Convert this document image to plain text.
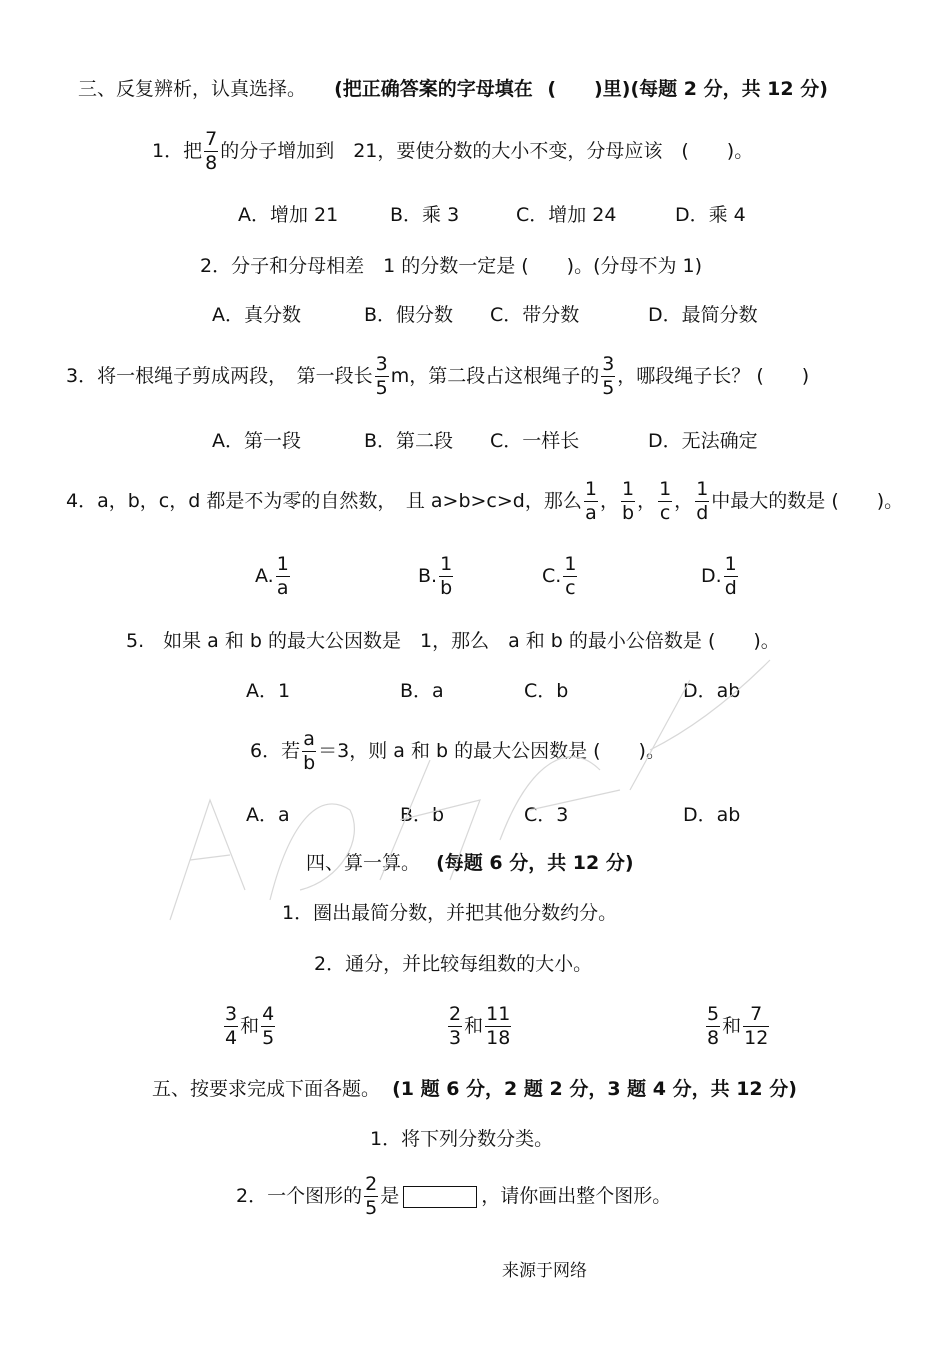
三、反复辨析，认真选择。 (把正确答案的字母填在 (　　)里)(每题 2 分，共 12 分)
1．把 $\frac{7}{8}$ 的分子增加到　21，要使分数的大小不变，分母应该　(　　)。
A．增加 21	B．乘 3	C．增加 24	D．乘 4
2．分子和分母相差　1 的分数一定是 (　　)。(分母不为 1)
A．真分数	B．假分数 C．带分数	D．最简分数
3．将一根绳子剪成两段，　第一段长 $\frac{3}{5}$ m，第二段占这根绳子的 $\frac{3}{5}$ ，哪段绳子长？ (　　)
A．第一段	B．第二段 C．一样长	D．无法确定
4．a，b，c，d 都是不为零的自然数，　且 a>b>c>d，那么 $\frac{1}{a}$ ， $\frac{1}{b}$ ， $\frac{1}{c}$ ， $\frac{1}{d}$ 中最大的数是 (　　)。
A. $\frac{1}{a}$	B. $\frac{1}{b}$	C. $\frac{1}{c}$	D. $\frac{1}{d}$
5.　如果 a 和 b 的最大公因数是　1，那么　a 和 b 的最小公倍数是 (　　)。
A．1	B．a	C．b	D．ab
6．若 $\frac{a}{b} =3$，则 a 和 b 的最大公因数是 (　　)。
A．a	B．b	C．3	D．ab
四、算一算。 (每题 6 分，共 12 分)
1．圈出最简分数，并把其他分数约分。
2．通分，并比较每组数的大小。
$\frac{3}{4}$ 和 $\frac{4}{5}$	$\frac{2}{3}$ 和 $\frac{11}{18}$	$\frac{5}{8}$ 和 $\frac{7}{12}$
五、按要求完成下面各题。 (1 题 6 分，2 题 2 分，3 题 4 分，共 12 分)
1．将下列分数分类。
2．一个图形的 $\frac{2}{5}$ 是	，请你画出整个图形。
来源于网络
